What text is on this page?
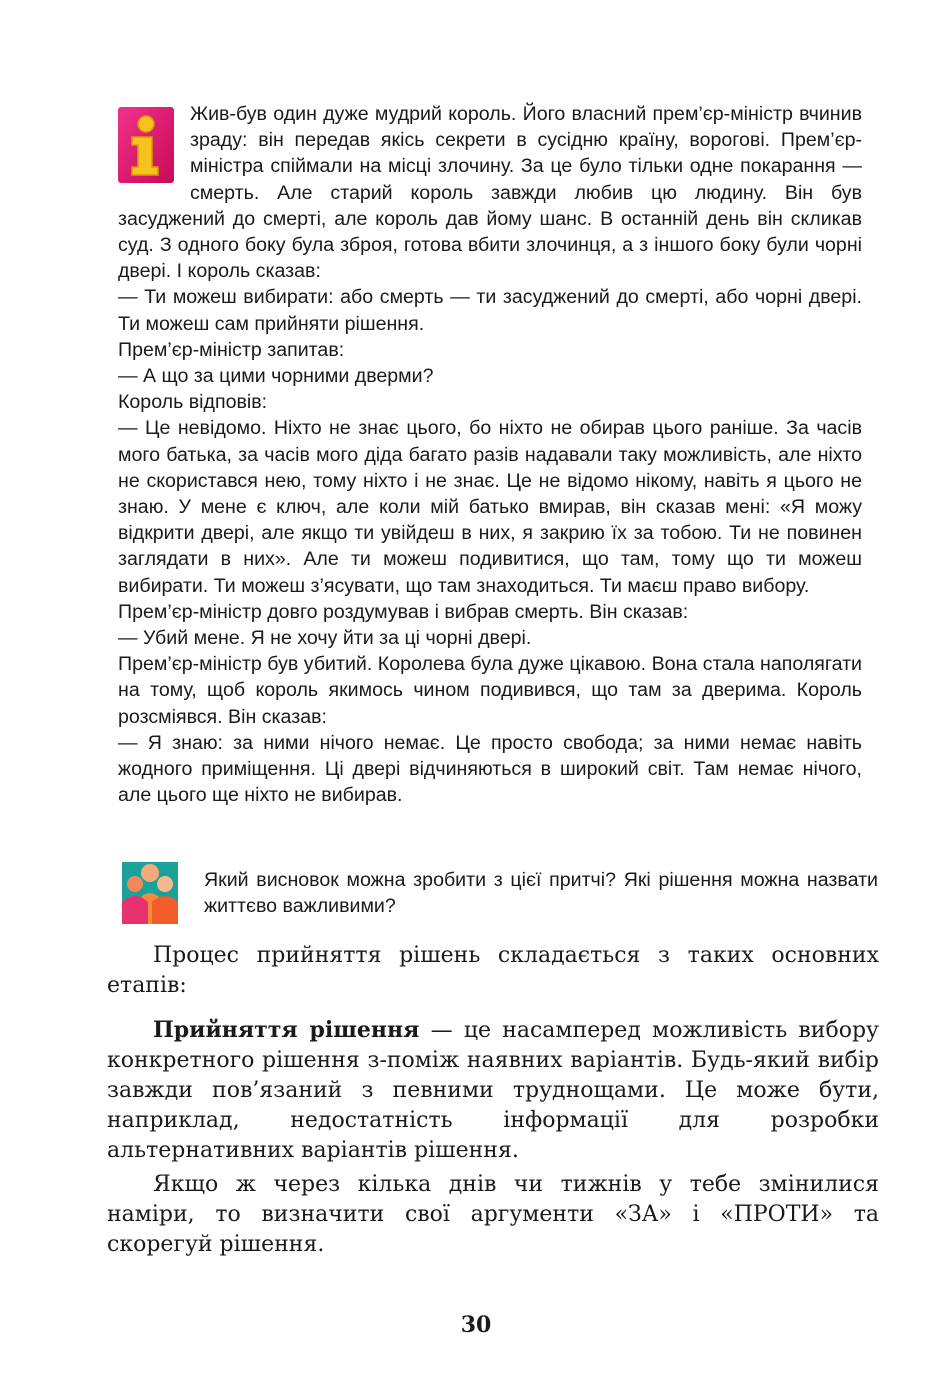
Жив-був один дуже мудрий король. Його власний прем’єр-міністр вчинив зраду: він передав якісь секрети в сусідню країну, ворогові. Прем’єр-міністра спіймали на місці злочину. За це було тільки одне покарання — смерть. Але старий король завжди любив цю людину. Він був засуджений до смерті, але король дав йому шанс. В останній день він скликав суд. З одного боку була зброя, готова вбити злочинця, а з іншого боку були чорні двері. І король сказав:

— Ти можеш вибирати: або смерть — ти засуджений до смерті, або чорні двері. Ти можеш сам прийняти рішення.

Прем’єр-міністр запитав:

— А що за цими чорними дверми?

Король відповів:

— Це невідомо. Ніхто не знає цього, бо ніхто не обирав цього раніше. За часів мого батька, за часів мого діда багато разів надавали таку можливість, але ніхто не скористався нею, тому ніхто і не знає. Це не відомо нікому, навіть я цього не знаю. У мене є ключ, але коли мій батько вмирав, він сказав мені: «Я можу відкрити двері, але якщо ти увійдеш в них, я закрию їх за тобою. Ти не повинен заглядати в них». Але ти можеш подивитися, що там, тому що ти можеш вибирати. Ти можеш з’ясувати, що там знаходиться. Ти маєш право вибору.

Прем’єр-міністр довго роздумував і вибрав смерть. Він сказав:

— Убий мене. Я не хочу йти за ці чорні двері.

Прем’єр-міністр був убитий. Королева була дуже цікавою. Вона стала наполягати на тому, щоб король якимось чином подивився, що там за дверима. Король розсміявся. Він сказав:

— Я знаю: за ними нічого немає. Це просто свобода; за ними немає навіть жодного приміщення. Ці двері відчиняються в широкий світ. Там немає нічого, але цього ще ніхто не вибирав.

Який висновок можна зробити з цієї притчі? Які рішення можна назвати життєво важливими?

Процес прийняття рішень складається з таких основних етапів:

Прийняття рішення — це насамперед можливість вибору конкретного рішення з-поміж наявних варіантів. Будь-який вибір завжди пов’язаний з певними труднощами. Це може бути, наприклад, недостатність інформації для розробки альтернативних варіантів рішення.

Якщо ж через кілька днів чи тижнів у тебе змінилися наміри, то визначити свої аргументи «ЗА» і «ПРОТИ» та скорегуй рішення.

30
